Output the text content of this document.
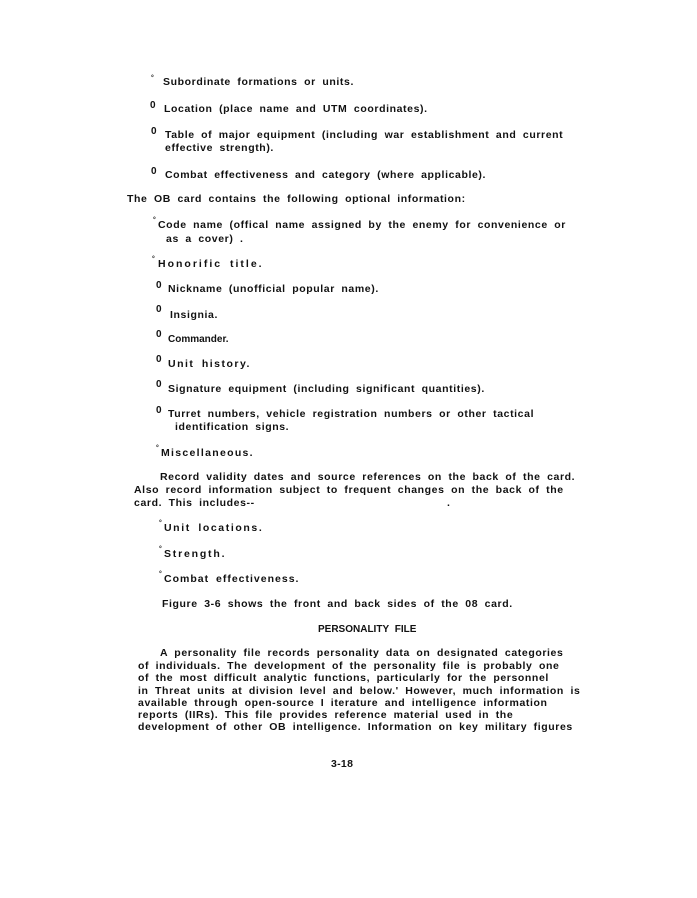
° Subordinate formations or units.
0 Location (place name and UTM coordinates).
0 Table of major equipment (including war establishment and current
effective strength).
0 Combat effectiveness and category (where applicable).
The OB card contains the following optional information:
° Code name (offical name assigned by the enemy for convenience or
as a cover) .
° Honorific title.
0 Nickname (unofficial popular name).
0 Insignia.
0 Commander.
0 Unit history.
0 Signature equipment (including significant quantities).
0 Turret numbers, vehicle registration numbers or other tactical
identification signs.
° Miscellaneous.
Record validity dates and source references on the back of the card.
Also record information subject to frequent changes on the back of the
card. This includes--	.
° Unit locations.
° Strength.
° Combat effectiveness.
Figure 3-6 shows the front and back sides of the 08 card.
PERSONALITY FILE
A personality file records personality data on designated categories
of individuals. The development of the personality file is probably one
of the most difficult analytic functions, particularly for the personnel
in Threat units at division level and below.' However, much information is
available through open-source I iterature and intelligence information
reports (IIRs). This file provides reference material used in the
development of other OB intelligence. Information on key military figures
3-18
